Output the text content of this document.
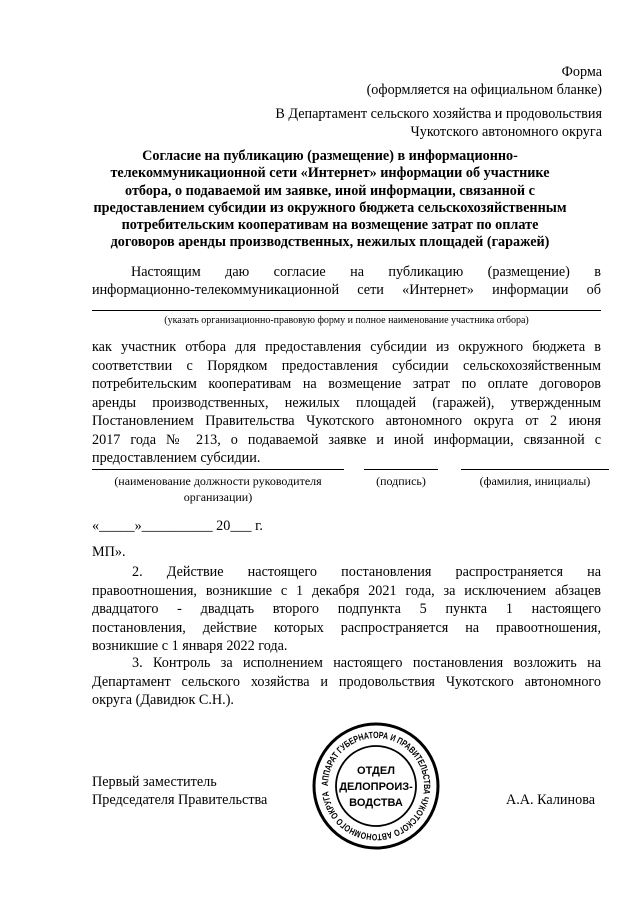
Форма
(оформляется на официальном бланке)
В Департамент сельского хозяйства и продовольствия
Чукотского автономного округа
Согласие на публикацию (размещение) в информационно-
телекоммуникационной сети «Интернет» информации об участнике
отбора, о подаваемой им заявке, иной информации, связанной с
предоставлением субсидии из окружного бюджета сельскохозяйственным
потребительским кооперативам на возмещение затрат по оплате
договоров аренды производственных, нежилых площадей (гаражей)
Настоящим даю согласие на публикацию (размещение) в
информационно-телекоммуникационной сети «Интернет» информации об
(указать организационно-правовую форму и полное наименование участника отбора)
как участник отбора для предоставления субсидии из окружного бюджета в
соответствии с Порядком предоставления субсидии сельскохозяйственным
потребительским кооперативам на возмещение затрат по оплате договоров
аренды производственных, нежилых площадей (гаражей), утвержденным
Постановлением Правительства Чукотского автономного округа от 2 июня
2017 года № 213, о подаваемой заявке и иной информации, связанной с
предоставлением субсидии.
(наименование должности руководителя
организации)
(подпись)	(фамилия, инициалы)
«_____»__________ 20___ г.
МП».
2. Действие настоящего постановления распространяется на
правоотношения, возникшие с 1 декабря 2021 года, за исключением абзацев
двадцатого - двадцать второго подпункта 5 пункта 1 настоящего
постановления, действие которых распространяется на правоотношения,
возникшие с 1 января 2022 года.
3. Контроль за исполнением настоящего постановления возложить на
Департамент сельского хозяйства и продовольствия Чукотского автономного
округа (Давидюк С.Н.).
Первый заместитель
Председателя Правительства	А.А. Калинова
АППАРАТ ГУБЕРНАТОРА И ПРАВИТЕЛЬСТВА ЧУКОТСКОГО АВТОНОМНОГО ОКРУГА
ОТДЕЛ
ДЕЛОПРОИЗ-
ВОДСТВА
